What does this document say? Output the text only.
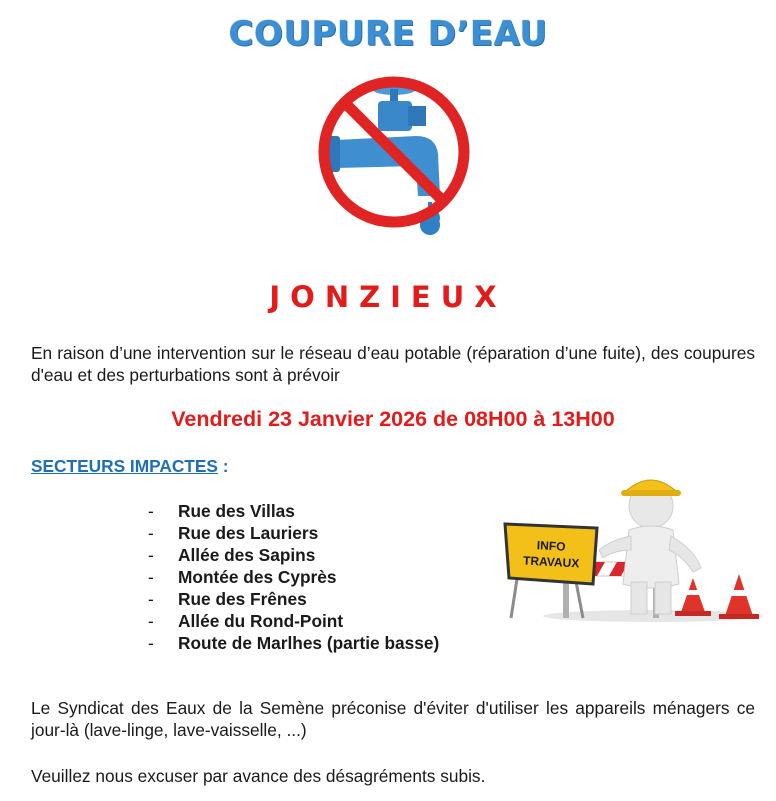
COUPURE D’EAU
JONZIEUX
En raison d’une intervention sur le réseau d’eau potable (réparation d’une fuite), des coupures d'eau et des perturbations sont à prévoir
Vendredi 23 Janvier 2026 de 08H00 à 13H00
SECTEURS IMPACTES :
-	Rue des Villas
-	Rue des Lauriers
-	Allée des Sapins
-	Montée des Cyprès
-	Rue des Frênes
-	Allée du Rond-Point
-	Route de Marlhes (partie basse)
INFO
TRAVAUX
Le Syndicat des Eaux de la Semène préconise d'éviter d'utiliser les appareils ménagers ce jour-là (lave-linge, lave-vaisselle, ...)
Veuillez nous excuser par avance des désagréments subis.
